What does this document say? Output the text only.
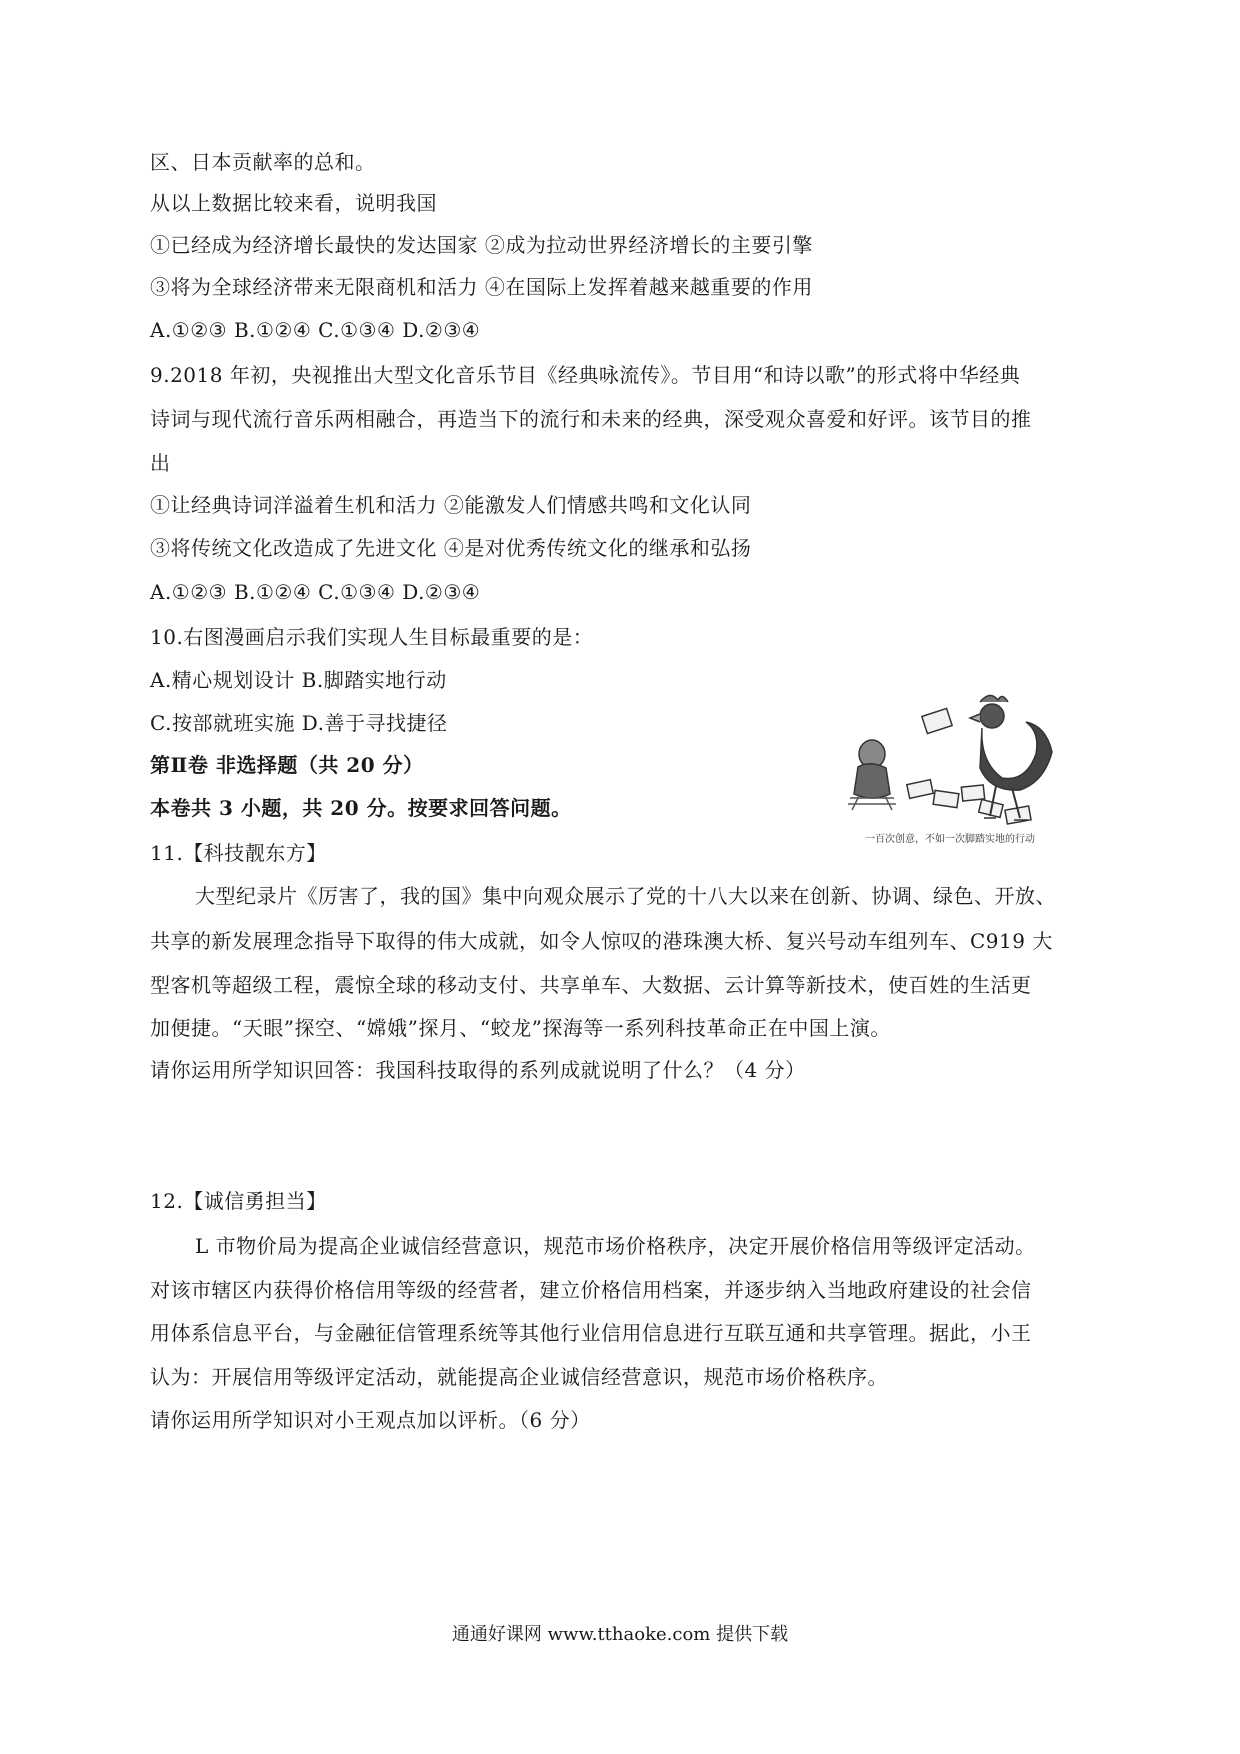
区、日本贡献率的总和。
从以上数据比较来看，说明我国
①已经成为经济增长最快的发达国家 ②成为拉动世界经济增长的主要引擎
③将为全球经济带来无限商机和活力 ④在国际上发挥着越来越重要的作用
A.①②③ B.①②④ C.①③④ D.②③④
9.2018 年初，央视推出大型文化音乐节目《经典咏流传》。节目用“和诗以歌”的形式将中华经典
诗词与现代流行音乐两相融合，再造当下的流行和未来的经典，深受观众喜爱和好评。该节目的推
出
①让经典诗词洋溢着生机和活力 ②能激发人们情感共鸣和文化认同
③将传统文化改造成了先进文化 ④是对优秀传统文化的继承和弘扬
A.①②③ B.①②④ C.①③④ D.②③④
10.右图漫画启示我们实现人生目标最重要的是：
A.精心规划设计 B.脚踏实地行动
C.按部就班实施 D.善于寻找捷径
一百次创意，不如一次脚踏实地的行动
第Ⅱ卷 非选择题（共 20 分）
本卷共 3 小题，共 20 分。按要求回答问题。
11.【科技靓东方】
大型纪录片《厉害了，我的国》集中向观众展示了党的十八大以来在创新、协调、绿色、开放、
共享的新发展理念指导下取得的伟大成就，如令人惊叹的港珠澳大桥、复兴号动车组列车、C919 大
型客机等超级工程，震惊全球的移动支付、共享单车、大数据、云计算等新技术，使百姓的生活更
加便捷。“天眼”探空、“嫦娥”探月、“蛟龙”探海等一系列科技革命正在中国上演。
请你运用所学知识回答：我国科技取得的系列成就说明了什么？（4 分）
12.【诚信勇担当】
L 市物价局为提高企业诚信经营意识，规范市场价格秩序，决定开展价格信用等级评定活动。
对该市辖区内获得价格信用等级的经营者，建立价格信用档案，并逐步纳入当地政府建设的社会信
用体系信息平台，与金融征信管理系统等其他行业信用信息进行互联互通和共享管理。据此，小王
认为：开展信用等级评定活动，就能提高企业诚信经营意识，规范市场价格秩序。
请你运用所学知识对小王观点加以评析。（6 分）
通通好课网 www.tthaoke.com 提供下载
